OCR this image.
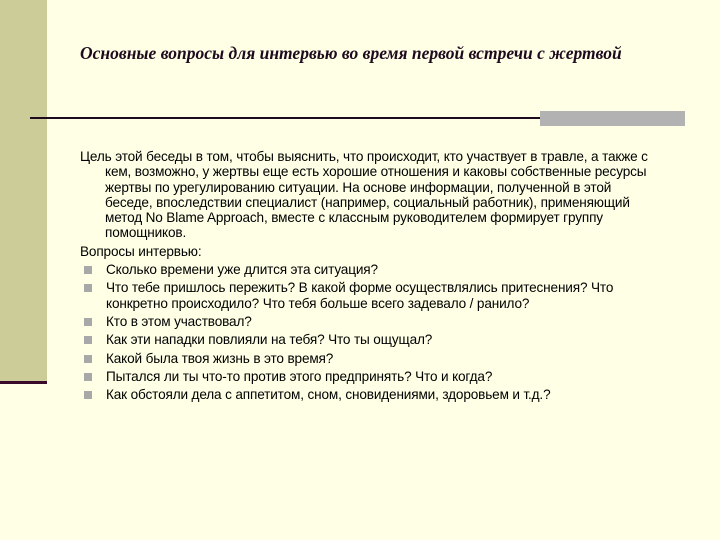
Основные вопросы для интервью во время первой встречи с жертвой

Цель этой беседы в том, чтобы выяснить, что происходит, кто участвует в травле, а также с кем, возможно, у жертвы еще есть хорошие отношения и каковы собственные ресурсы жертвы по урегулированию ситуации. На основе информации, полученной в этой беседе, впоследствии специалист (например, социальный работник), применяющий метод No Blame Approach, вместе с классным руководителем формирует группу помощников.

Вопросы интервью:

Сколько времени уже длится эта ситуация?
Что тебе пришлось пережить? В какой форме осуществлялись притеснения? Что конкретно происходило? Что тебя больше всего задевало / ранило?
Кто в этом участвовал?
Как эти нападки повлияли на тебя? Что ты ощущал?
Какой была твоя жизнь в это время?
Пытался ли ты что-то против этого предпринять? Что и когда?
Как обстояли дела с аппетитом, сном, сновидениями, здоровьем и т.д.?
